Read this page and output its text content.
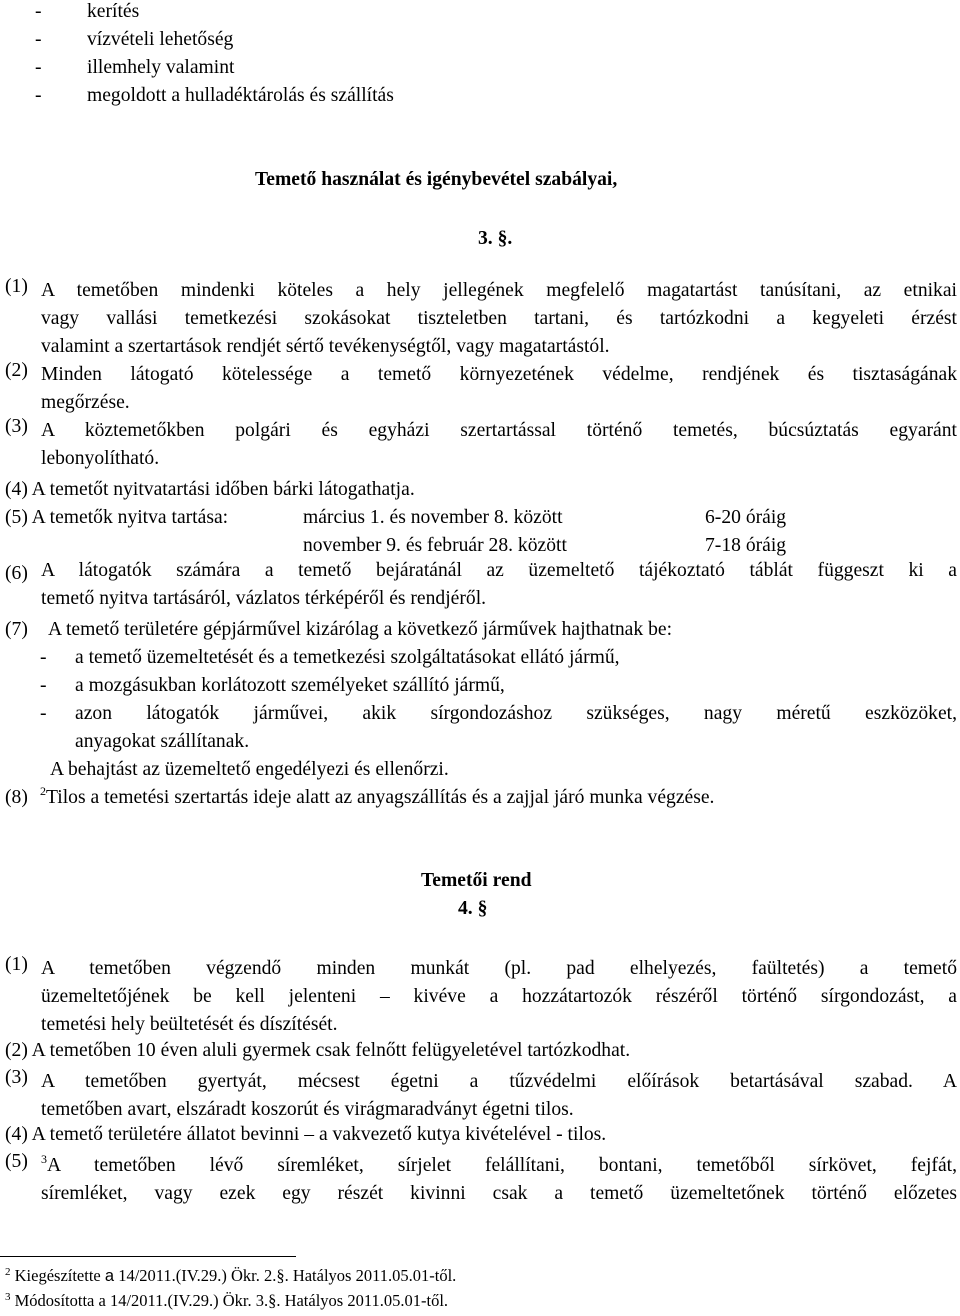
- kerítés
- vízvételi lehetőség
- illemhely valamint
- megoldott a hulladéktárolás és szállítás
Temető használat és igénybevétel szabályai,
3. §.
(1) A temetőben mindenki köteles a hely jellegének megfelelő magatartást tanúsítani, az etnikai
vagy vallási temetkezési szokásokat tiszteletben tartani, és tartózkodni a kegyeleti érzést
valamint a szertartások rendjét sértő tevékenységtől, vagy magatartástól.
(2) Minden látogató kötelessége a temető környezetének védelme, rendjének és tisztaságának
megőrzése.
(3) A köztemetőkben polgári és egyházi szertartással történő temetés, búcsúztatás egyaránt
lebonyolítható.
(4) A temetőt nyitvatartási időben bárki látogathatja.
(5) A temetők nyitva tartása:	március 1. és november 8. között	6-20 óráig
november 9. és február 28. között	7-18 óráig
(6) A látogatók számára a temető bejáratánál az üzemeltető tájékoztató táblát függeszt ki a
temető nyitva tartásáról, vázlatos térképéről és rendjéről.
(7) A temető területére gépjárművel kizárólag a következő járművek hajthatnak be:
- a temető üzemeltetését és a temetkezési szolgáltatásokat ellátó jármű,
- a mozgásukban korlátozott személyeket szállító jármű,
- azon látogatók járművei, akik sírgondozáshoz szükséges, nagy méretű eszközöket,
anyagokat szállítanak.
A behajtást az üzemeltető engedélyezi és ellenőrzi.
(8) $^2$Tilos a temetési szertartás ideje alatt az anyagszállítás és a zajjal járó munka végzése.
Temetői rend
4. §
(1) A temetőben végzendő minden munkát (pl. pad elhelyezés, faültetés) a temető
üzemeltetőjének be kell jelenteni – kivéve a hozzátartozók részéről történő sírgondozást, a
temetési hely beültetését és díszítését.
(2) A temetőben 10 éven aluli gyermek csak felnőtt felügyeletével tartózkodhat.
(3) A temetőben gyertyát, mécsest égetni a tűzvédelmi előírások betartásával szabad. A
temetőben avart, elszáradt koszorút és virágmaradványt égetni tilos.
(4) A temető területére állatot bevinni – a vakvezető kutya kivételével - tilos.
(5) $^3$A temetőben lévő síremléket, sírjelet felállítani, bontani, temetőből sírkövet, fejfát,
síremléket, vagy ezek egy részét kivinni csak a temető üzemeltetőnek történő előzetes
$^2$ Kiegészítette a 14/2011.(IV.29.) Ökr. 2.§. Hatályos 2011.05.01-től.
$^3$ Módosította a 14/2011.(IV.29.) Ökr. 3.§. Hatályos 2011.05.01-től.
